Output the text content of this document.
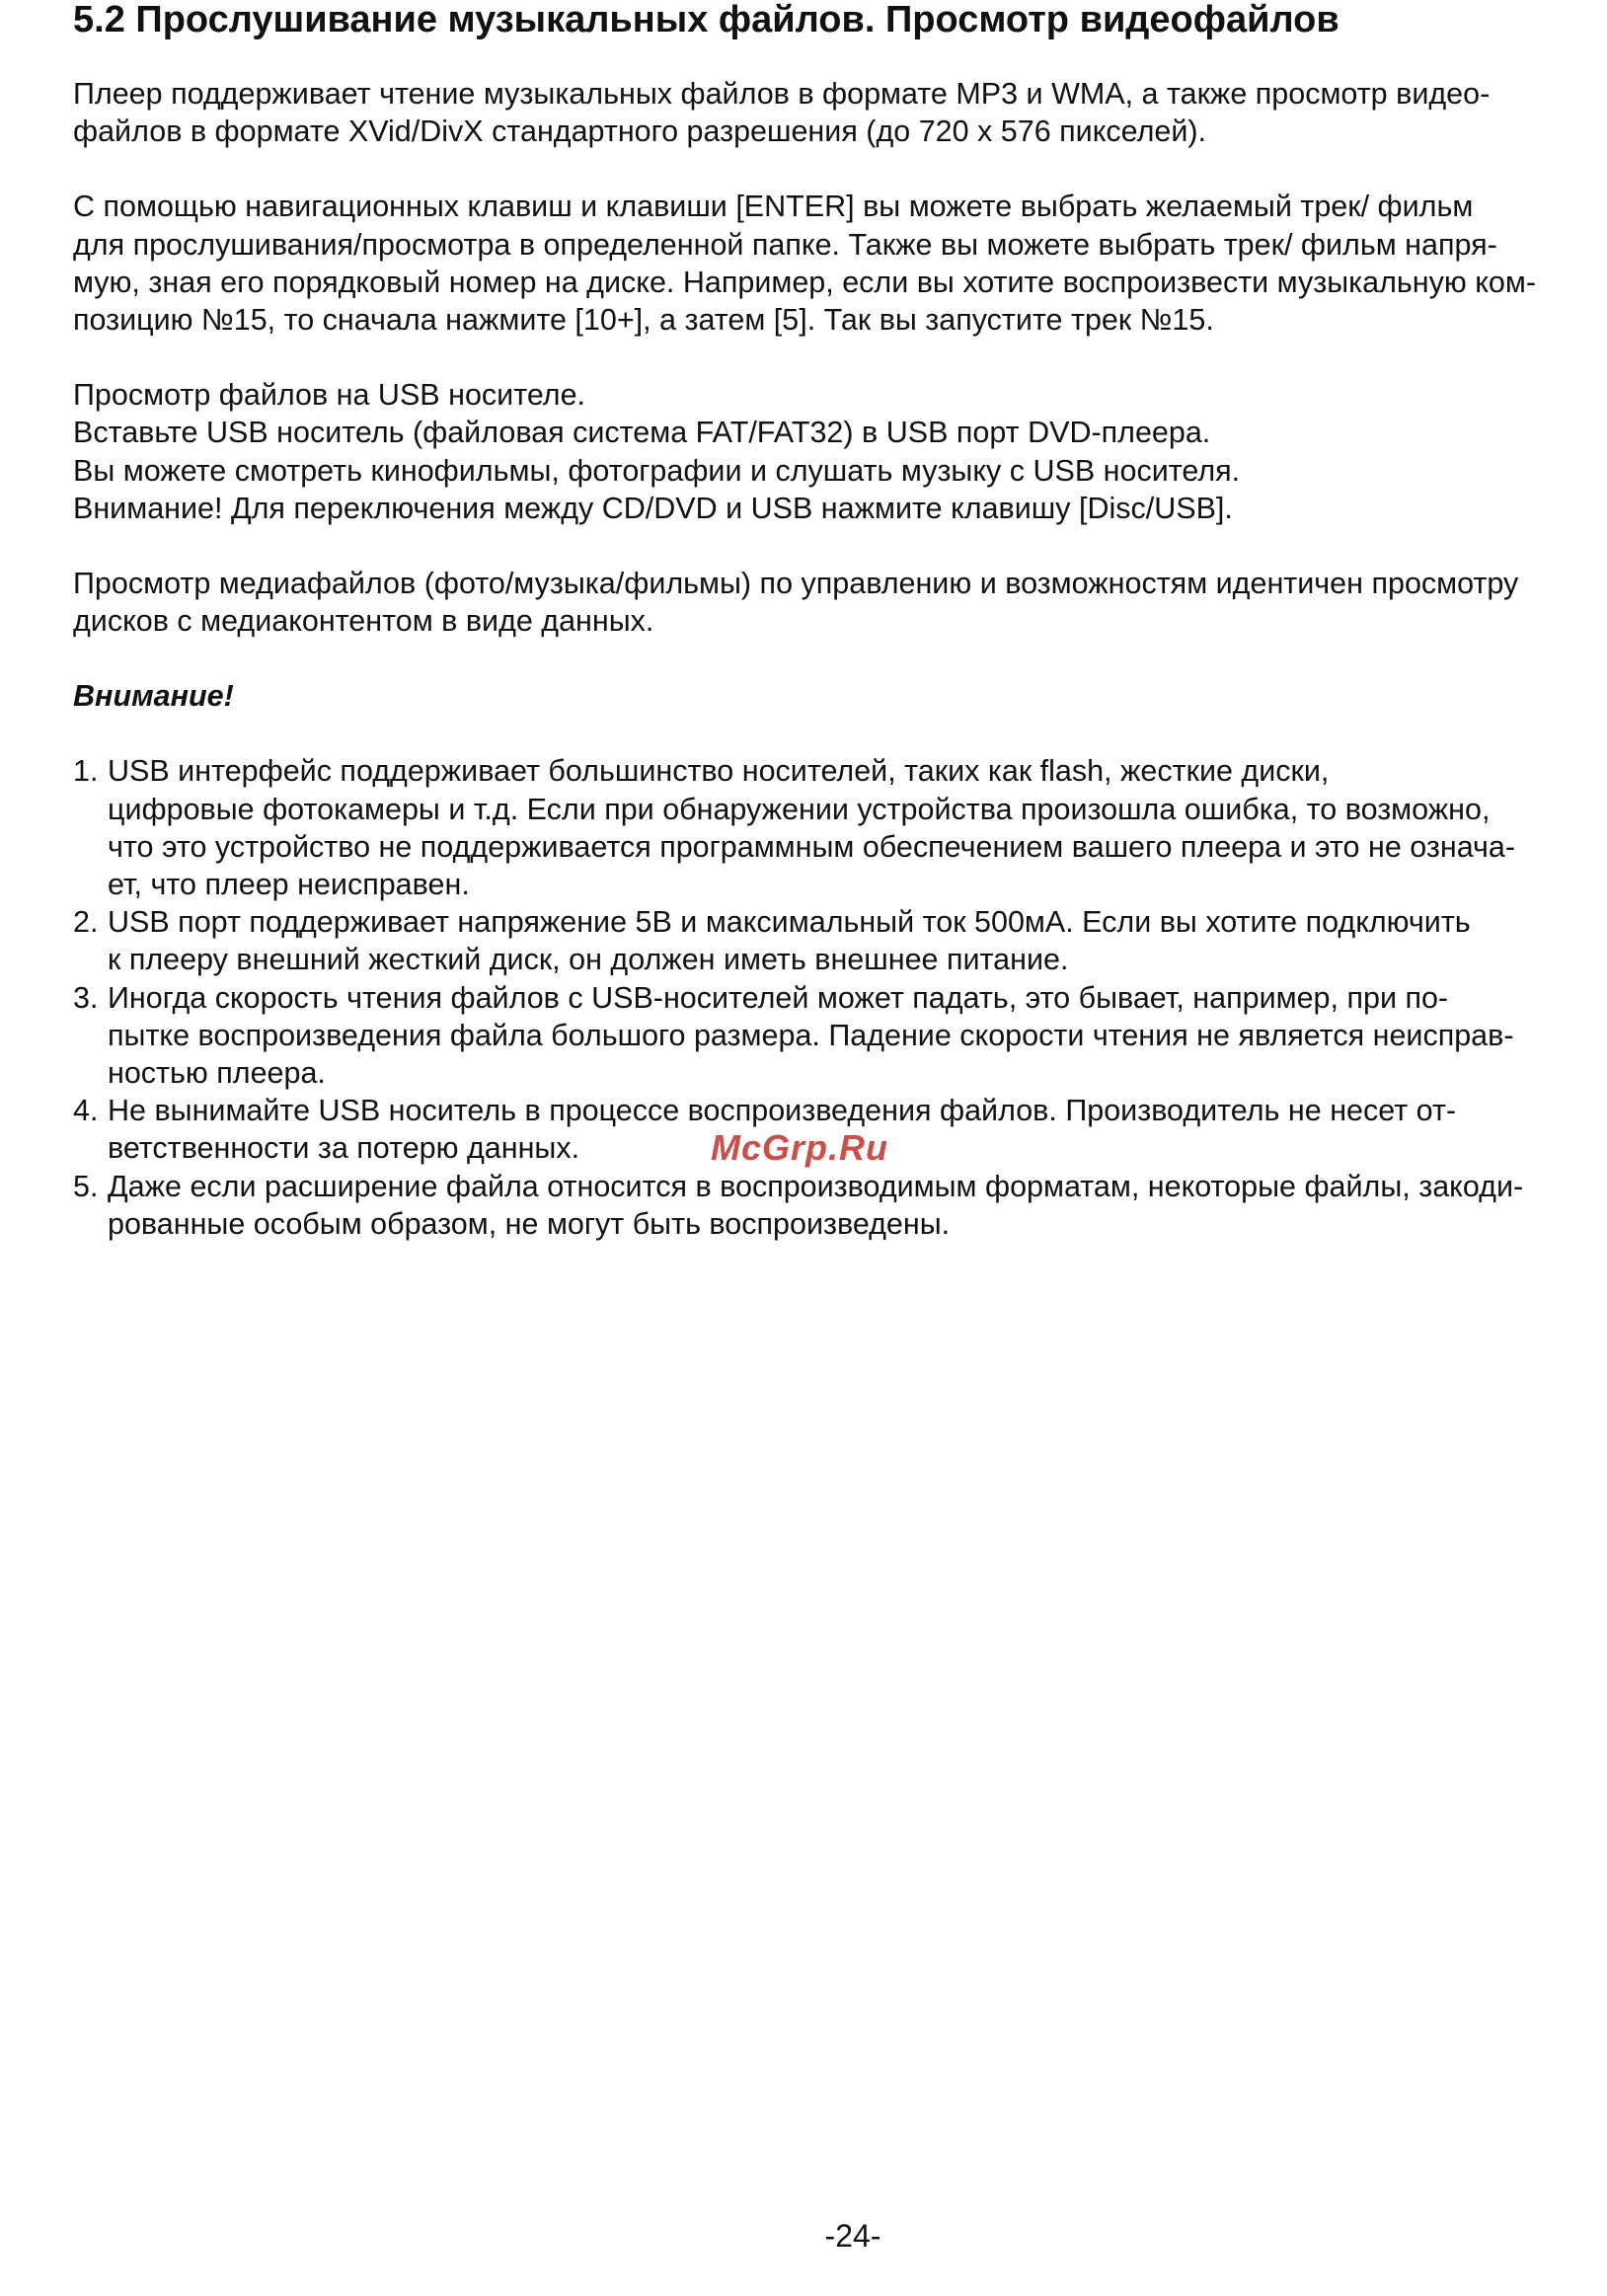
5.2 Прослушивание музыкальных файлов. Просмотр видеофайлов

Плеер поддерживает чтение музыкальных файлов в формате MP3 и WMA, а также просмотр видео-
файлов в формате XVid/DivX стандартного разрешения (до 720 х 576 пикселей).

С помощью навигационных клавиш и клавиши [ENTER] вы можете выбрать желаемый трек/ фильм
для прослушивания/просмотра в определенной папке. Также вы можете выбрать трек/ фильм напря-
мую, зная его порядковый номер на диске. Например, если вы хотите воспроизвести музыкальную ком-
позицию №15, то сначала нажмите [10+], а затем [5]. Так вы запустите трек №15.

Просмотр файлов на USB носителе.
Вставьте USB носитель (файловая система FAT/FAT32) в USB порт DVD-плеера.
Вы можете смотреть кинофильмы, фотографии и слушать музыку с USB носителя.
Внимание! Для переключения между CD/DVD и USB нажмите клавишу [Disc/USB].

Просмотр медиафайлов (фото/музыка/фильмы) по управлению и возможностям идентичен просмотру
дисков с медиаконтентом в виде данных.

Внимание!

1. USB интерфейс поддерживает большинство носителей, таких как flash, жесткие диски,
цифровые фотокамеры и т.д. Если при обнаружении устройства произошла ошибка, то возможно,
что это устройство не поддерживается программным обеспечением вашего плеера и это не означа-
ет, что плеер неисправен.
2. USB порт поддерживает напряжение 5В и максимальный ток 500мА. Если вы хотите подключить
к плееру внешний жесткий диск, он должен иметь внешнее питание.
3. Иногда скорость чтения файлов с USB-носителей может падать, это бывает, например, при по-
пытке воспроизведения файла большого размера. Падение скорости чтения не является неисправ-
ностью плеера.
4. Не вынимайте USB носитель в процессе воспроизведения файлов. Производитель не несет от-
ветственности за потерю данных.
5. Даже если расширение файла относится в воспроизводимым форматам, некоторые файлы, закоди-
рованные особым образом, не могут быть воспроизведены.
McGrp.Ru
-24-
